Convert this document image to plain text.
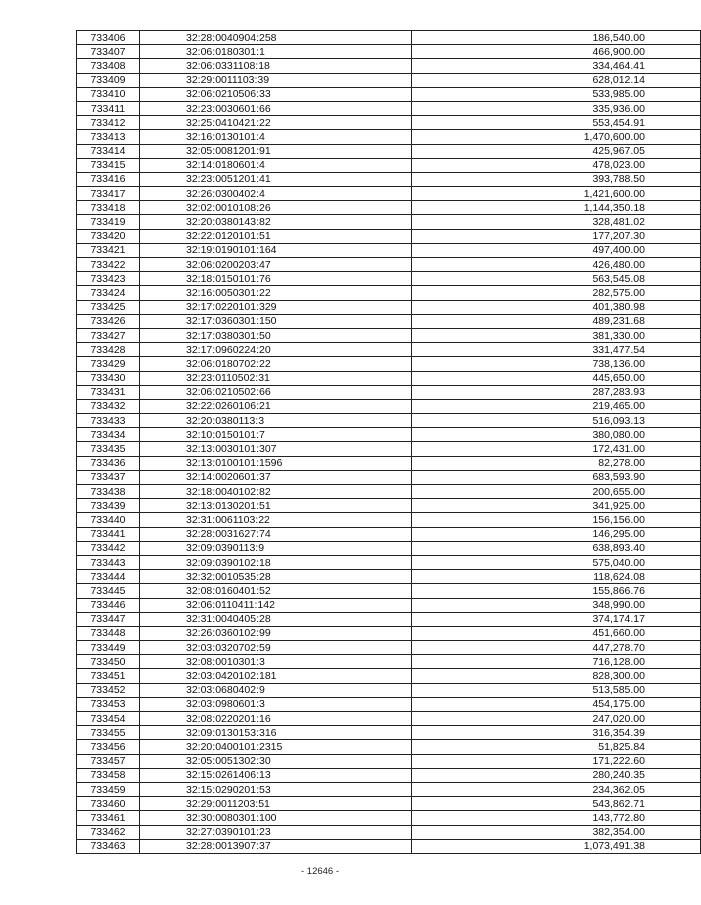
733406	32:28:0040904:258	186,540.00
733407	32:06:0180301:1	466,900.00
733408	32:06:0331108:18	334,464.41
733409	32:29:0011103:39	628,012.14
733410	32:06:0210506:33	533,985.00
733411	32:23:0030601:66	335,936.00
733412	32:25:0410421:22	553,454.91
733413	32:16:0130101:4	1,470,600.00
733414	32:05:0081201:91	425,967.05
733415	32:14:0180601:4	478,023.00
733416	32:23:0051201:41	393,788.50
733417	32:26:0300402:4	1,421,600.00
733418	32:02:0010108:26	1,144,350.18
733419	32:20:0380143:82	328,481.02
733420	32:22:0120101:51	177,207.30
733421	32:19:0190101:164	497,400.00
733422	32:06:0200203:47	426,480.00
733423	32:18:0150101:76	563,545.08
733424	32:16:0050301:22	282,575.00
733425	32:17:0220101:329	401,380.98
733426	32:17:0360301:150	489,231.68
733427	32:17:0380301:50	381,330.00
733428	32:17:0960224:20	331,477.54
733429	32:06:0180702:22	738,136.00
733430	32:23:0110502:31	445,650.00
733431	32:06:0210502:66	287,283.93
733432	32:22:0260106:21	219,465.00
733433	32:20:0380113:3	516,093.13
733434	32:10:0150101:7	380,080.00
733435	32:13:0030101:307	172,431.00
733436	32:13:0100101:1596	82,278.00
733437	32:14:0020601:37	683,593.90
733438	32:18:0040102:82	200,655.00
733439	32:13:0130201:51	341,925.00
733440	32:31:0061103:22	156,156.00
733441	32:28:0031627:74	146,295.00
733442	32:09:0390113:9	638,893.40
733443	32:09:0390102:18	575,040.00
733444	32:32:0010535:28	118,624.08
733445	32:08:0160401:52	155,866.76
733446	32:06:0110411:142	348,990.00
733447	32:31:0040405:28	374,174.17
733448	32:26:0360102:99	451,660.00
733449	32:03:0320702:59	447,278.70
733450	32:08:0010301:3	716,128.00
733451	32:03:0420102:181	828,300.00
733452	32:03:0680402:9	513,585.00
733453	32:03:0980601:3	454,175.00
733454	32:08:0220201:16	247,020.00
733455	32:09:0130153:316	316,354.39
733456	32:20:0400101:2315	51,825.84
733457	32:05:0051302:30	171,222.60
733458	32:15:0261406:13	280,240.35
733459	32:15:0290201:53	234,362.05
733460	32:29:0011203:51	543,862.71
733461	32:30:0080301:100	143,772.80
733462	32:27:0390101:23	382,354.00
733463	32:28:0013907:37	1,073,491.38
- 12646 -
